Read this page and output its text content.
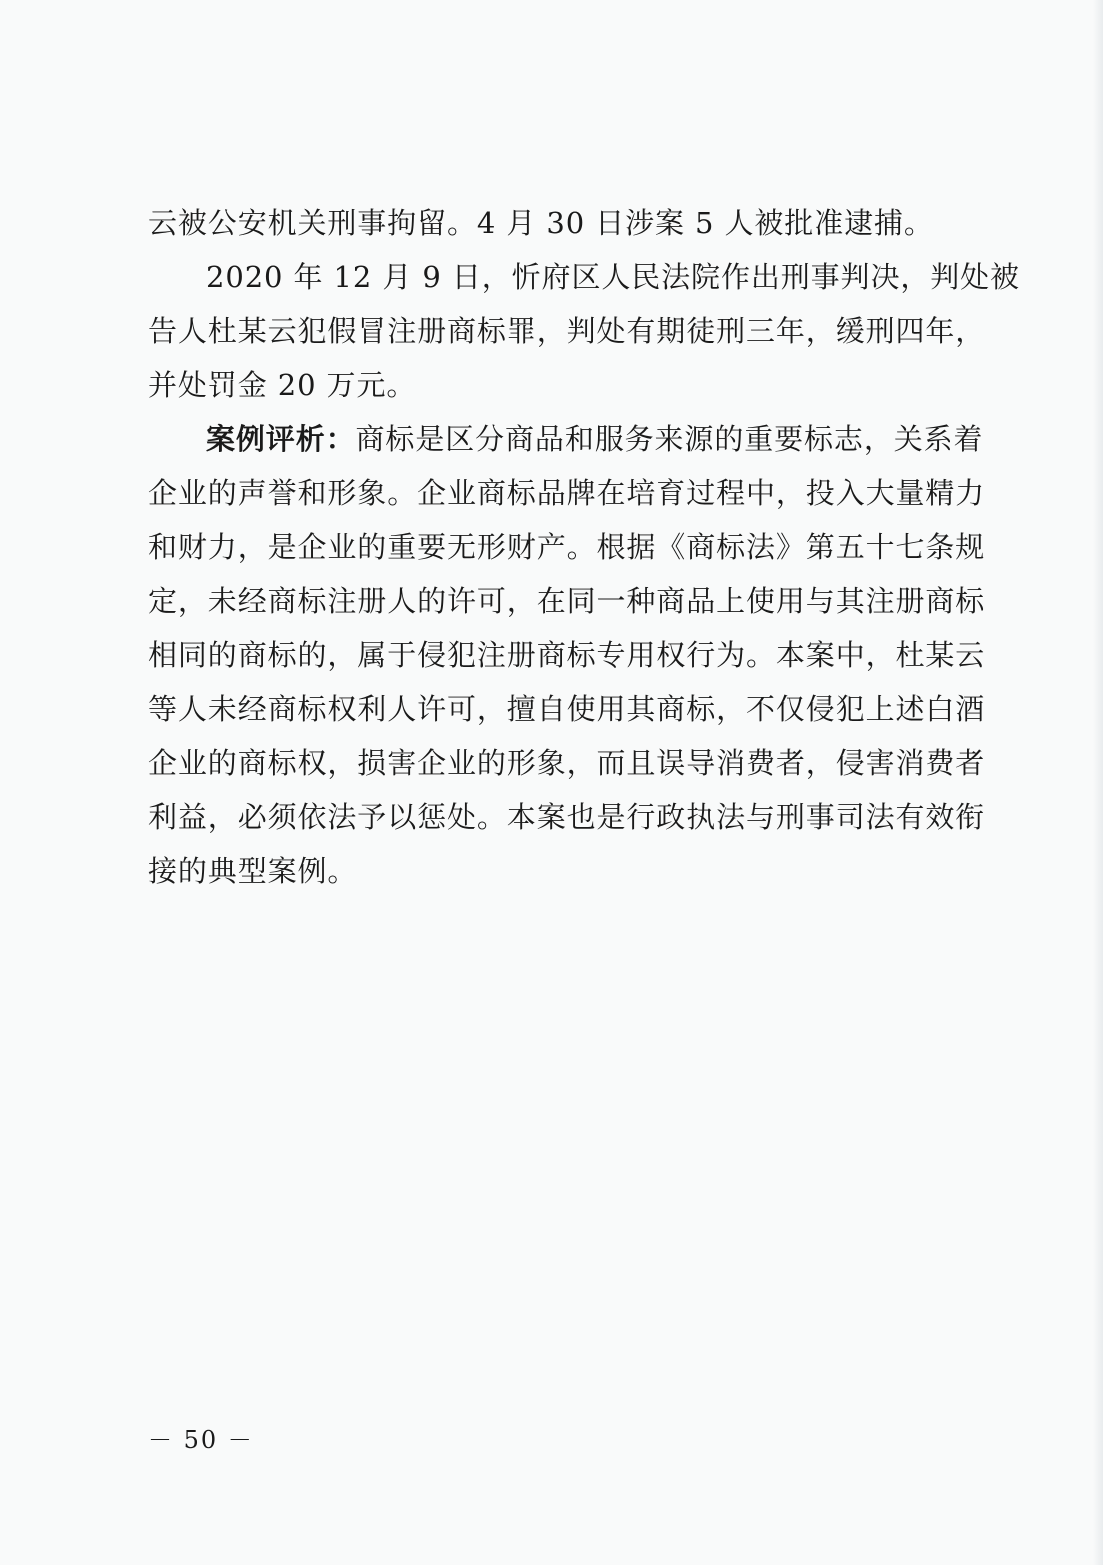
云被公安机关刑事拘留。4 月 30 日涉案 5 人被批准逮捕。
2020 年 12 月 9 日，忻府区人民法院作出刑事判决，判处被
告人杜某云犯假冒注册商标罪，判处有期徒刑三年，缓刑四年，
并处罚金 20 万元。
案例评析：商标是区分商品和服务来源的重要标志，关系着
企业的声誉和形象。企业商标品牌在培育过程中，投入大量精力
和财力，是企业的重要无形财产。根据《商标法》第五十七条规
定，未经商标注册人的许可，在同一种商品上使用与其注册商标
相同的商标的，属于侵犯注册商标专用权行为。本案中，杜某云
等人未经商标权利人许可，擅自使用其商标，不仅侵犯上述白酒
企业的商标权，损害企业的形象，而且误导消费者，侵害消费者
利益，必须依法予以惩处。本案也是行政执法与刑事司法有效衔
接的典型案例。
－ 50 －
